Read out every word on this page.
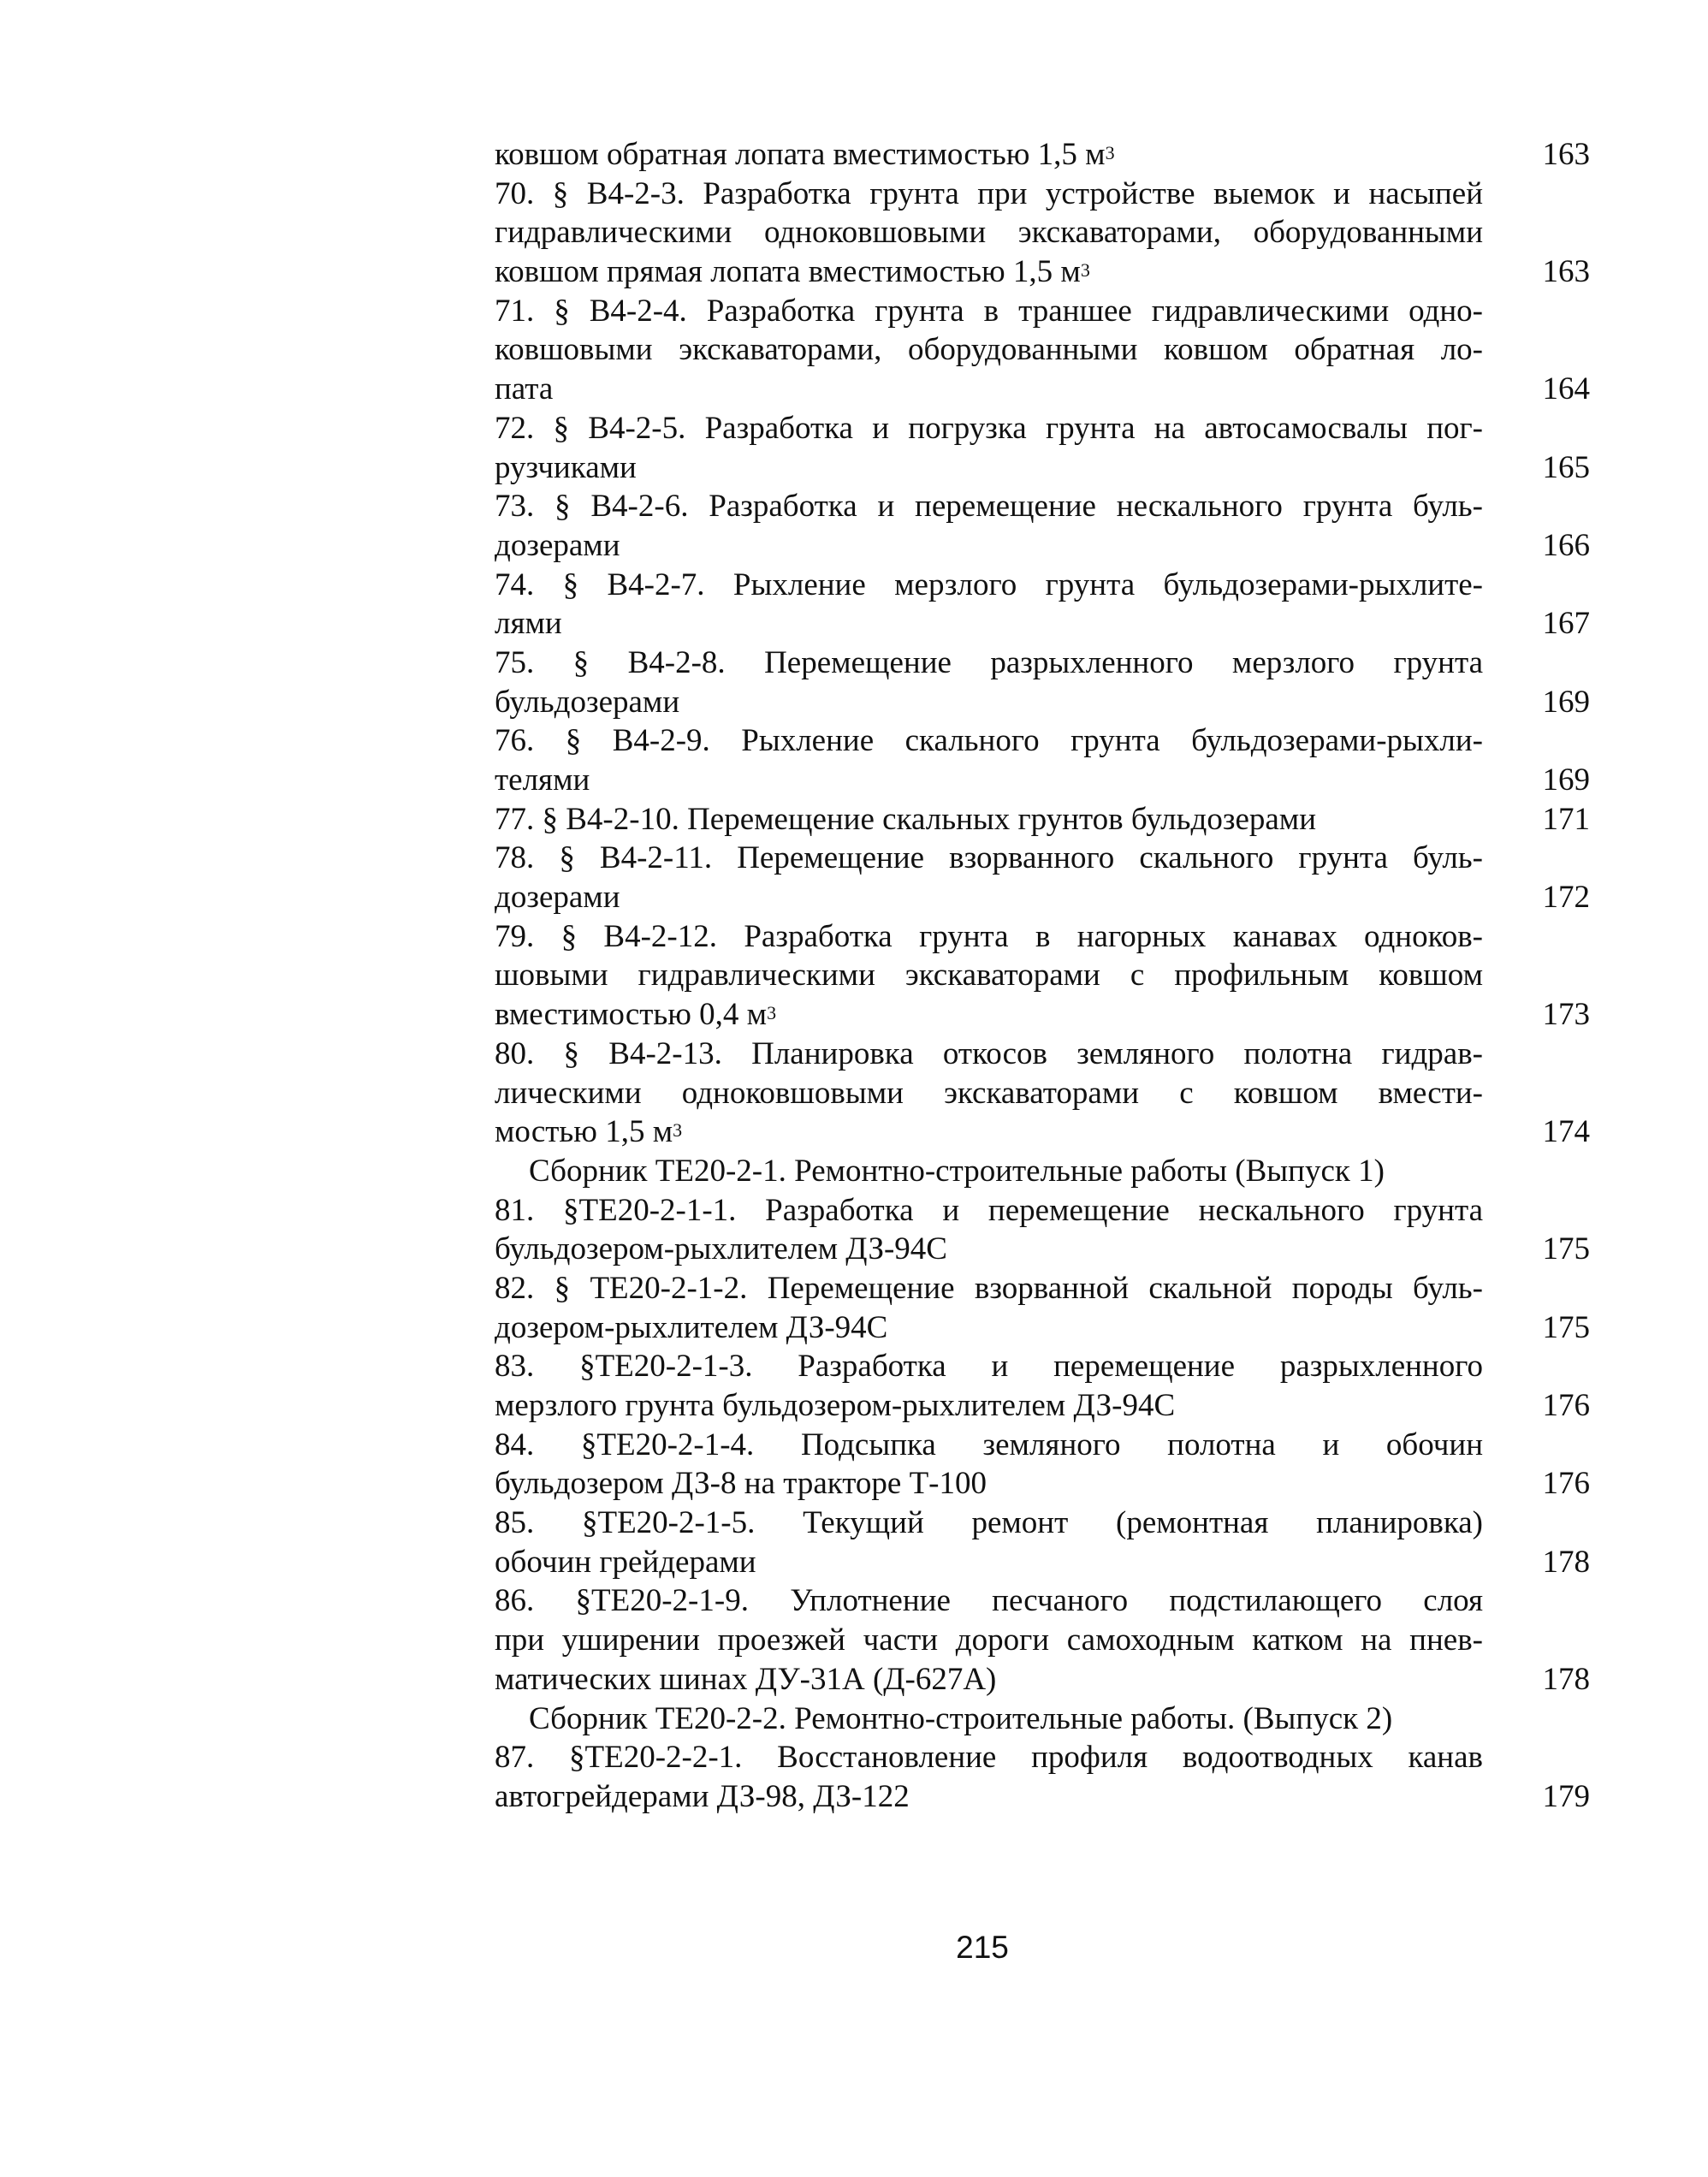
ковшом обратная лопата вместимостью 1,5 $м^3$	163
70. § В4-2-3. Разработка грунта при устройстве выемок и насыпей
гидравлическими одноковшовыми экскаваторами, оборудованными
ковшом прямая лопата вместимостью 1,5 $м^3$	163
71. § В4-2-4. Разработка грунта в траншее гидравлическими одно-
ковшовыми экскаваторами, оборудованными ковшом обратная ло-
пата	164
72. § В4-2-5. Разработка и погрузка грунта на автосамосвалы пог-
рузчиками	165
73. § В4-2-6. Разработка и перемещение нескального грунта буль-
дозерами	166
74. § В4-2-7. Рыхление мерзлого грунта бульдозерами-рыхлите-
лями	167
75. § В4-2-8. Перемещение разрыхленного мерзлого грунта
бульдозерами	169
76. § В4-2-9. Рыхление скального грунта бульдозерами-рыхли-
телями	169
77. § В4-2-10. Перемещение скальных грунтов бульдозерами	171
78. § В4-2-11. Перемещение взорванного скального грунта буль-
дозерами	172
79. § В4-2-12. Разработка грунта в нагорных канавах одноков-
шовыми гидравлическими экскаваторами с профильным ковшом
вместимостью 0,4 $м^3$	173
80. § В4-2-13. Планировка откосов земляного полотна гидрав-
лическими одноковшовыми экскаваторами с ковшом вмести-
мостью 1,5 $м^3$	174
Сборник ТЕ20-2-1. Ремонтно-строительные работы (Выпуск 1)
81. §ТЕ20-2-1-1. Разработка и перемещение нескального грунта
бульдозером-рыхлителем ДЗ-94С	175
82. § ТЕ20-2-1-2. Перемещение взорванной скальной породы буль-
дозером-рыхлителем ДЗ-94С	175
83. §ТЕ20-2-1-3. Разработка и перемещение разрыхленного
мерзлого грунта бульдозером-рыхлителем ДЗ-94С	176
84. §ТЕ20-2-1-4. Подсыпка земляного полотна и обочин
бульдозером ДЗ-8 на тракторе Т-100	176
85. §ТЕ20-2-1-5. Текущий ремонт (ремонтная планировка)
обочин грейдерами	178
86. §ТЕ20-2-1-9. Уплотнение песчаного подстилающего слоя
при уширении проезжей части дороги самоходным катком на пнев-
матических шинах ДУ-31А (Д-627А)	178
Сборник ТЕ20-2-2. Ремонтно-строительные работы. (Выпуск 2)
87. §ТЕ20-2-2-1. Восстановление профиля водоотводных канав
автогрейдерами ДЗ-98, ДЗ-122	179
215
